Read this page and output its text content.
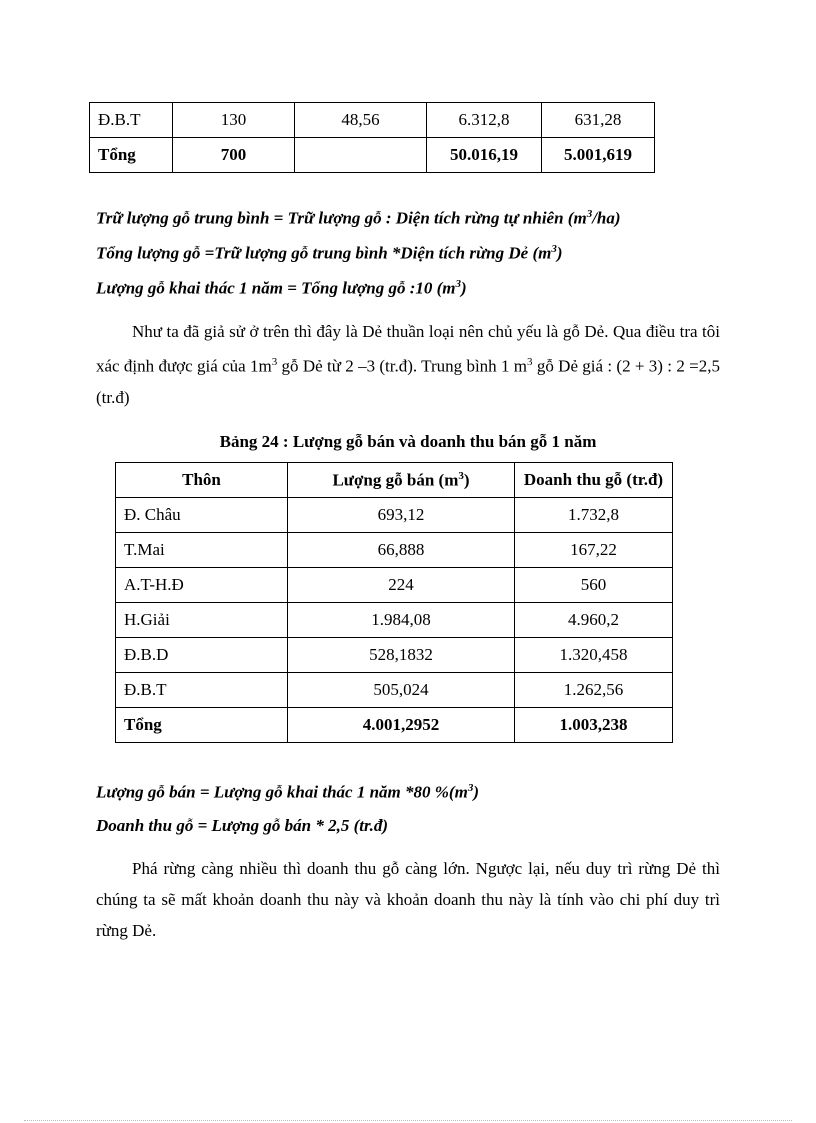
Đ.B.T	130	48,56	6.312,8	631,28
Tổng	700		50.016,19	5.001,619
Trữ lượng gỗ trung bình = Trữ lượng gỗ : Diện tích rừng tự nhiên $(m^3/ha)$
Tổng lượng gỗ =Trữ lượng gỗ trung bình *Diện tích rừng Dẻ $(m^3)$
Lượng gỗ khai thác 1 năm = Tổng lượng gỗ :10 $(m^3)$
Như ta đã giả sử ở trên thì đây là Dẻ thuần loại nên chủ yếu là gỗ Dẻ. Qua điều tra tôi xác định được giá của $1m^3$ gỗ Dẻ từ 2 –3 (tr.đ). Trung bình 1 $m^3$ gỗ Dẻ giá : (2 + 3) : 2 =2,5 (tr.đ)
Bảng 24 : Lượng gỗ bán và doanh thu bán gỗ 1 năm
Thôn	Lượng gỗ bán $(m^3)$	Doanh thu gỗ (tr.đ)
Đ. Châu	693,12	1.732,8
T.Mai	66,888	167,22
A.T-H.Đ	224	560
H.Giải	1.984,08	4.960,2
Đ.B.D	528,1832	1.320,458
Đ.B.T	505,024	1.262,56
Tổng	4.001,2952	1.003,238
Lượng gỗ bán = Lượng gỗ khai thác 1 năm *80 $\%(m^3)$
Doanh thu gỗ = Lượng gỗ bán * 2,5 (tr.đ)
Phá rừng càng nhiều thì doanh thu gỗ càng lớn. Ngược lại, nếu duy trì rừng Dẻ thì chúng ta sẽ mất khoản doanh thu này và khoản doanh thu này là tính vào chi phí duy trì rừng Dẻ.
